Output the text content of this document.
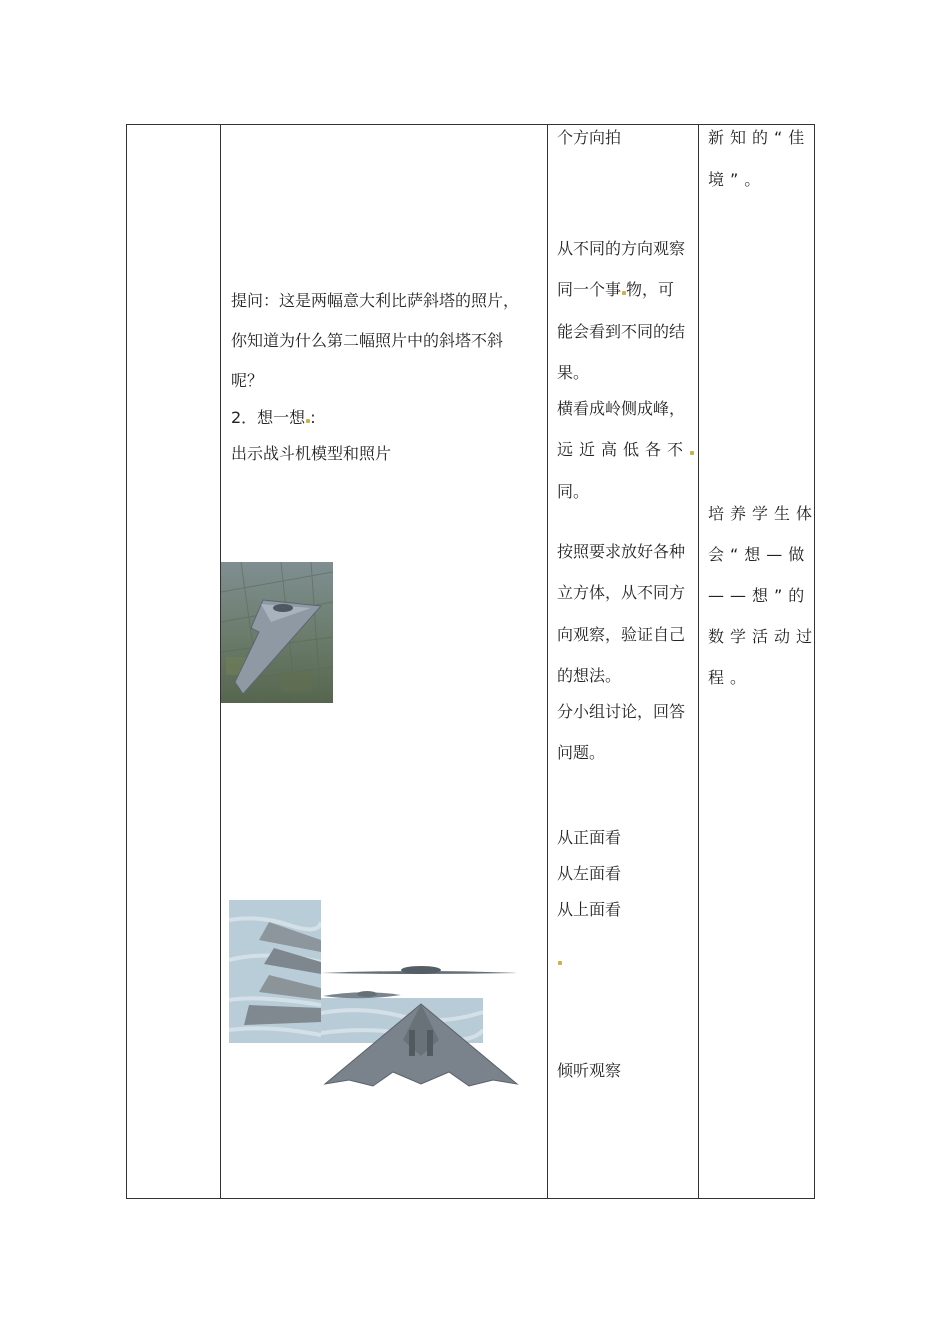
提问：这是两幅意大利比萨斜塔的照片，
你知道为什么第二幅照片中的斜塔不斜
呢？
2．想一想 :
出示战斗机模型和照片
个方向拍
从不同的方向观察
同一个事 物，可
能会看到不同的结
果。
横看成岭侧成峰，
远近高低各不
同。
按照要求放好各种
立方体，从不同方
向观察，验证自己
的想法。
分小组讨论，回答
问题。
从正面看
从左面看
从上面看
倾听观察
新知的“佳
境”。
培养学生体
会“想—做
——想”的
数学活动过
程。
